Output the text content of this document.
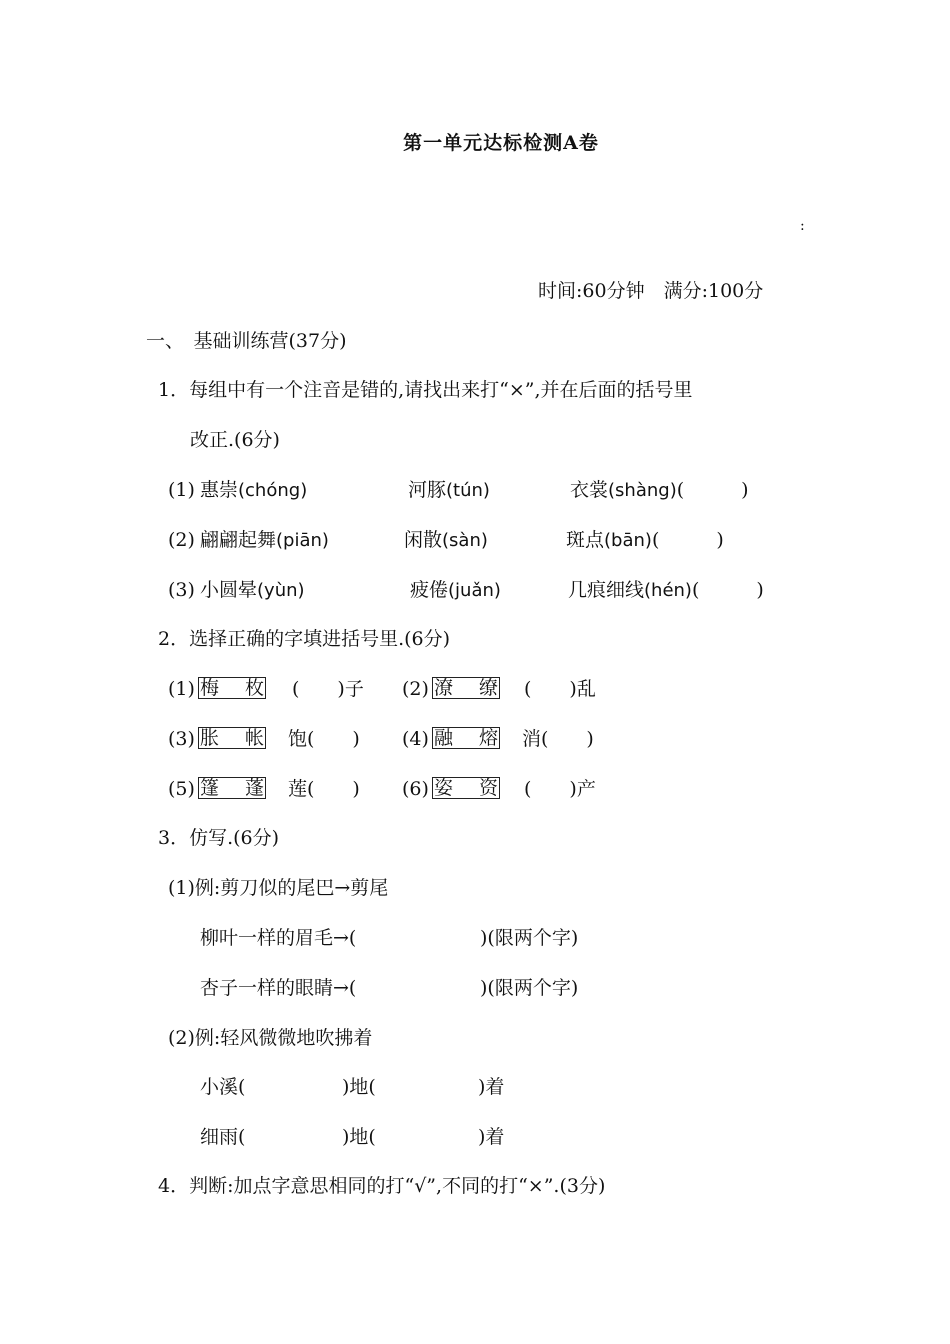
第一单元达标检测A卷
:
时间:60分钟　满分:100分
一、　基础训练营(37分)
1．每组中有一个注音是错的,请找出来打“×”,并在后面的括号里
改正.(6分)
(1) 惠崇(chóng)	河豚(tún)	衣裳(shàng)(　　　)
(2) 翩翩起舞(piān)	闲散(sàn)	斑点(bān)(　　　)
(3) 小圆晕(yùn)	疲倦(juǎn)	几痕细线(hén)(　　　)
2．选择正确的字填进括号里.(6分)
(1) 梅 枚 (　　)子 (2) 潦 缭 (　　)乱
(3) 胀 帐 饱(　　) (4) 融 熔 消(　　)
(5) 篷 蓬 莲(　　) (6) 姿 资 (　　)产
3．仿写.(6分)
(1)例:剪刀似的尾巴→剪尾
柳叶一样的眉毛→(	)(限两个字)
杏子一样的眼睛→(	)(限两个字)
(2)例:轻风微微地吹拂着
小溪(	)地(	)着
细雨(	)地(	)着
4．判断:加点字意思相同的打“√”,不同的打“×”.(3分)
